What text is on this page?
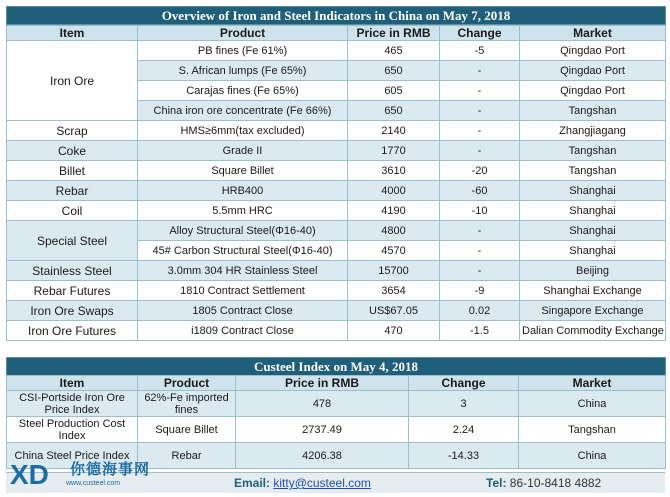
Overview of Iron and Steel Indicators in China on May 7, 2018
Item	Product	Price in RMB	Change	Market
Iron Ore	PB fines (Fe 61%)	465	-5	Qingdao Port
	S. African lumps (Fe 65%)	650	-	Qingdao Port
	Carajas fines (Fe 65%)	605	-	Qingdao Port
	China iron ore concentrate (Fe 66%)	650	-	Tangshan
Scrap	HMS≥6mm(tax excluded)	2140	-	Zhangjiagang
Coke	Grade II	1770	-	Tangshan
Billet	Square Billet	3610	-20	Tangshan
Rebar	HRB400	4000	-60	Shanghai
Coil	5.5mm HRC	4190	-10	Shanghai
Special Steel	Alloy Structural Steel(Φ16-40)	4800	-	Shanghai
	45# Carbon Structural Steel(Φ16-40)	4570	-	Shanghai
Stainless Steel	3.0mm 304 HR Stainless Steel	15700	-	Beijing
Rebar Futures	1810 Contract Settlement	3654	-9	Shanghai Exchange
Iron Ore Swaps	1805 Contract Close	US$67.05	0.02	Singapore Exchange
Iron Ore Futures	i1809 Contract Close	470	-1.5	Dalian Commodity Exchange
Custeel Index on May 4, 2018
Item	Product	Price in RMB	Change	Market
CSI-Portside Iron Ore Price Index	62%-Fe imported fines	478	3	China
Steel Production Cost Index	Square Billet	2737.49	2.24	Tangshan
China Steel Price Index	Rebar	4206.38	-14.33	China
XD 你德海事网
www.custeel.com	Email: kitty@custeel.com	Tel: 86-10-8418 4882
